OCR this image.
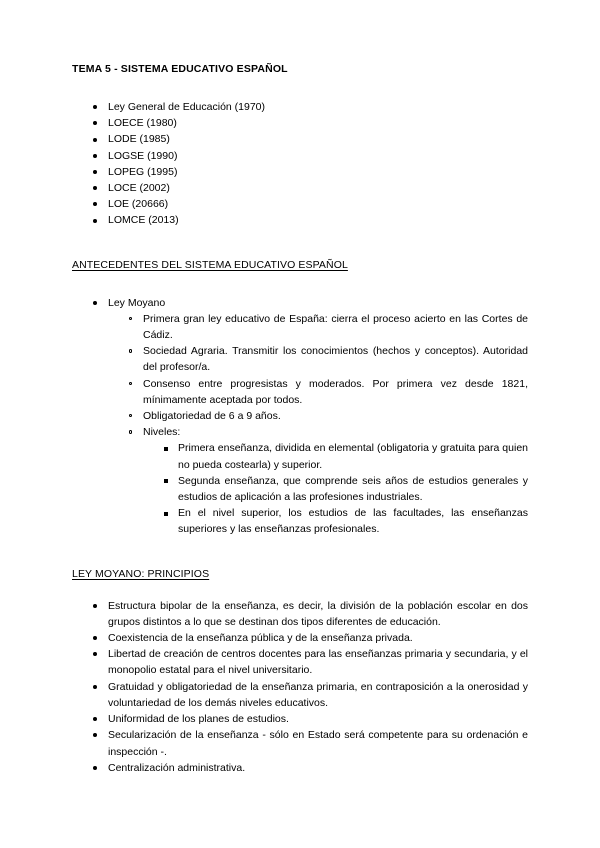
TEMA 5 - SISTEMA EDUCATIVO ESPAÑOL
Ley General de Educación (1970)
LOECE (1980)
LODE (1985)
LOGSE (1990)
LOPEG (1995)
LOCE (2002)
LOE (20666)
LOMCE (2013)
ANTECEDENTES DEL SISTEMA EDUCATIVO ESPAÑOL
Ley Moyano
Primera gran ley educativo de España: cierra el proceso acierto en las Cortes de Cádiz.
Sociedad Agraria. Transmitir los conocimientos (hechos y conceptos). Autoridad del profesor/a.
Consenso entre progresistas y moderados. Por primera vez desde 1821, mínimamente aceptada por todos.
Obligatoriedad de 6 a 9 años.
Niveles:
Primera enseñanza, dividida en elemental (obligatoria y gratuita para quien no pueda costearla) y superior.
Segunda enseñanza, que comprende seis años de estudios generales y estudios de aplicación a las profesiones industriales.
En el nivel superior, los estudios de las facultades, las enseñanzas superiores y las enseñanzas profesionales.
LEY MOYANO: PRINCIPIOS
Estructura bipolar de la enseñanza, es decir, la división de la población escolar en dos grupos distintos a lo que se destinan dos tipos diferentes de educación.
Coexistencia de la enseñanza pública y de la enseñanza privada.
Libertad de creación de centros docentes para las enseñanzas primaria y secundaria, y el monopolio estatal para el nivel universitario.
Gratuidad y obligatoriedad de la enseñanza primaria, en contraposición a la onerosidad y voluntariedad de los demás niveles educativos.
Uniformidad de los planes de estudios.
Secularización de la enseñanza - sólo en Estado será competente para su ordenación e inspección -.
Centralización administrativa.
